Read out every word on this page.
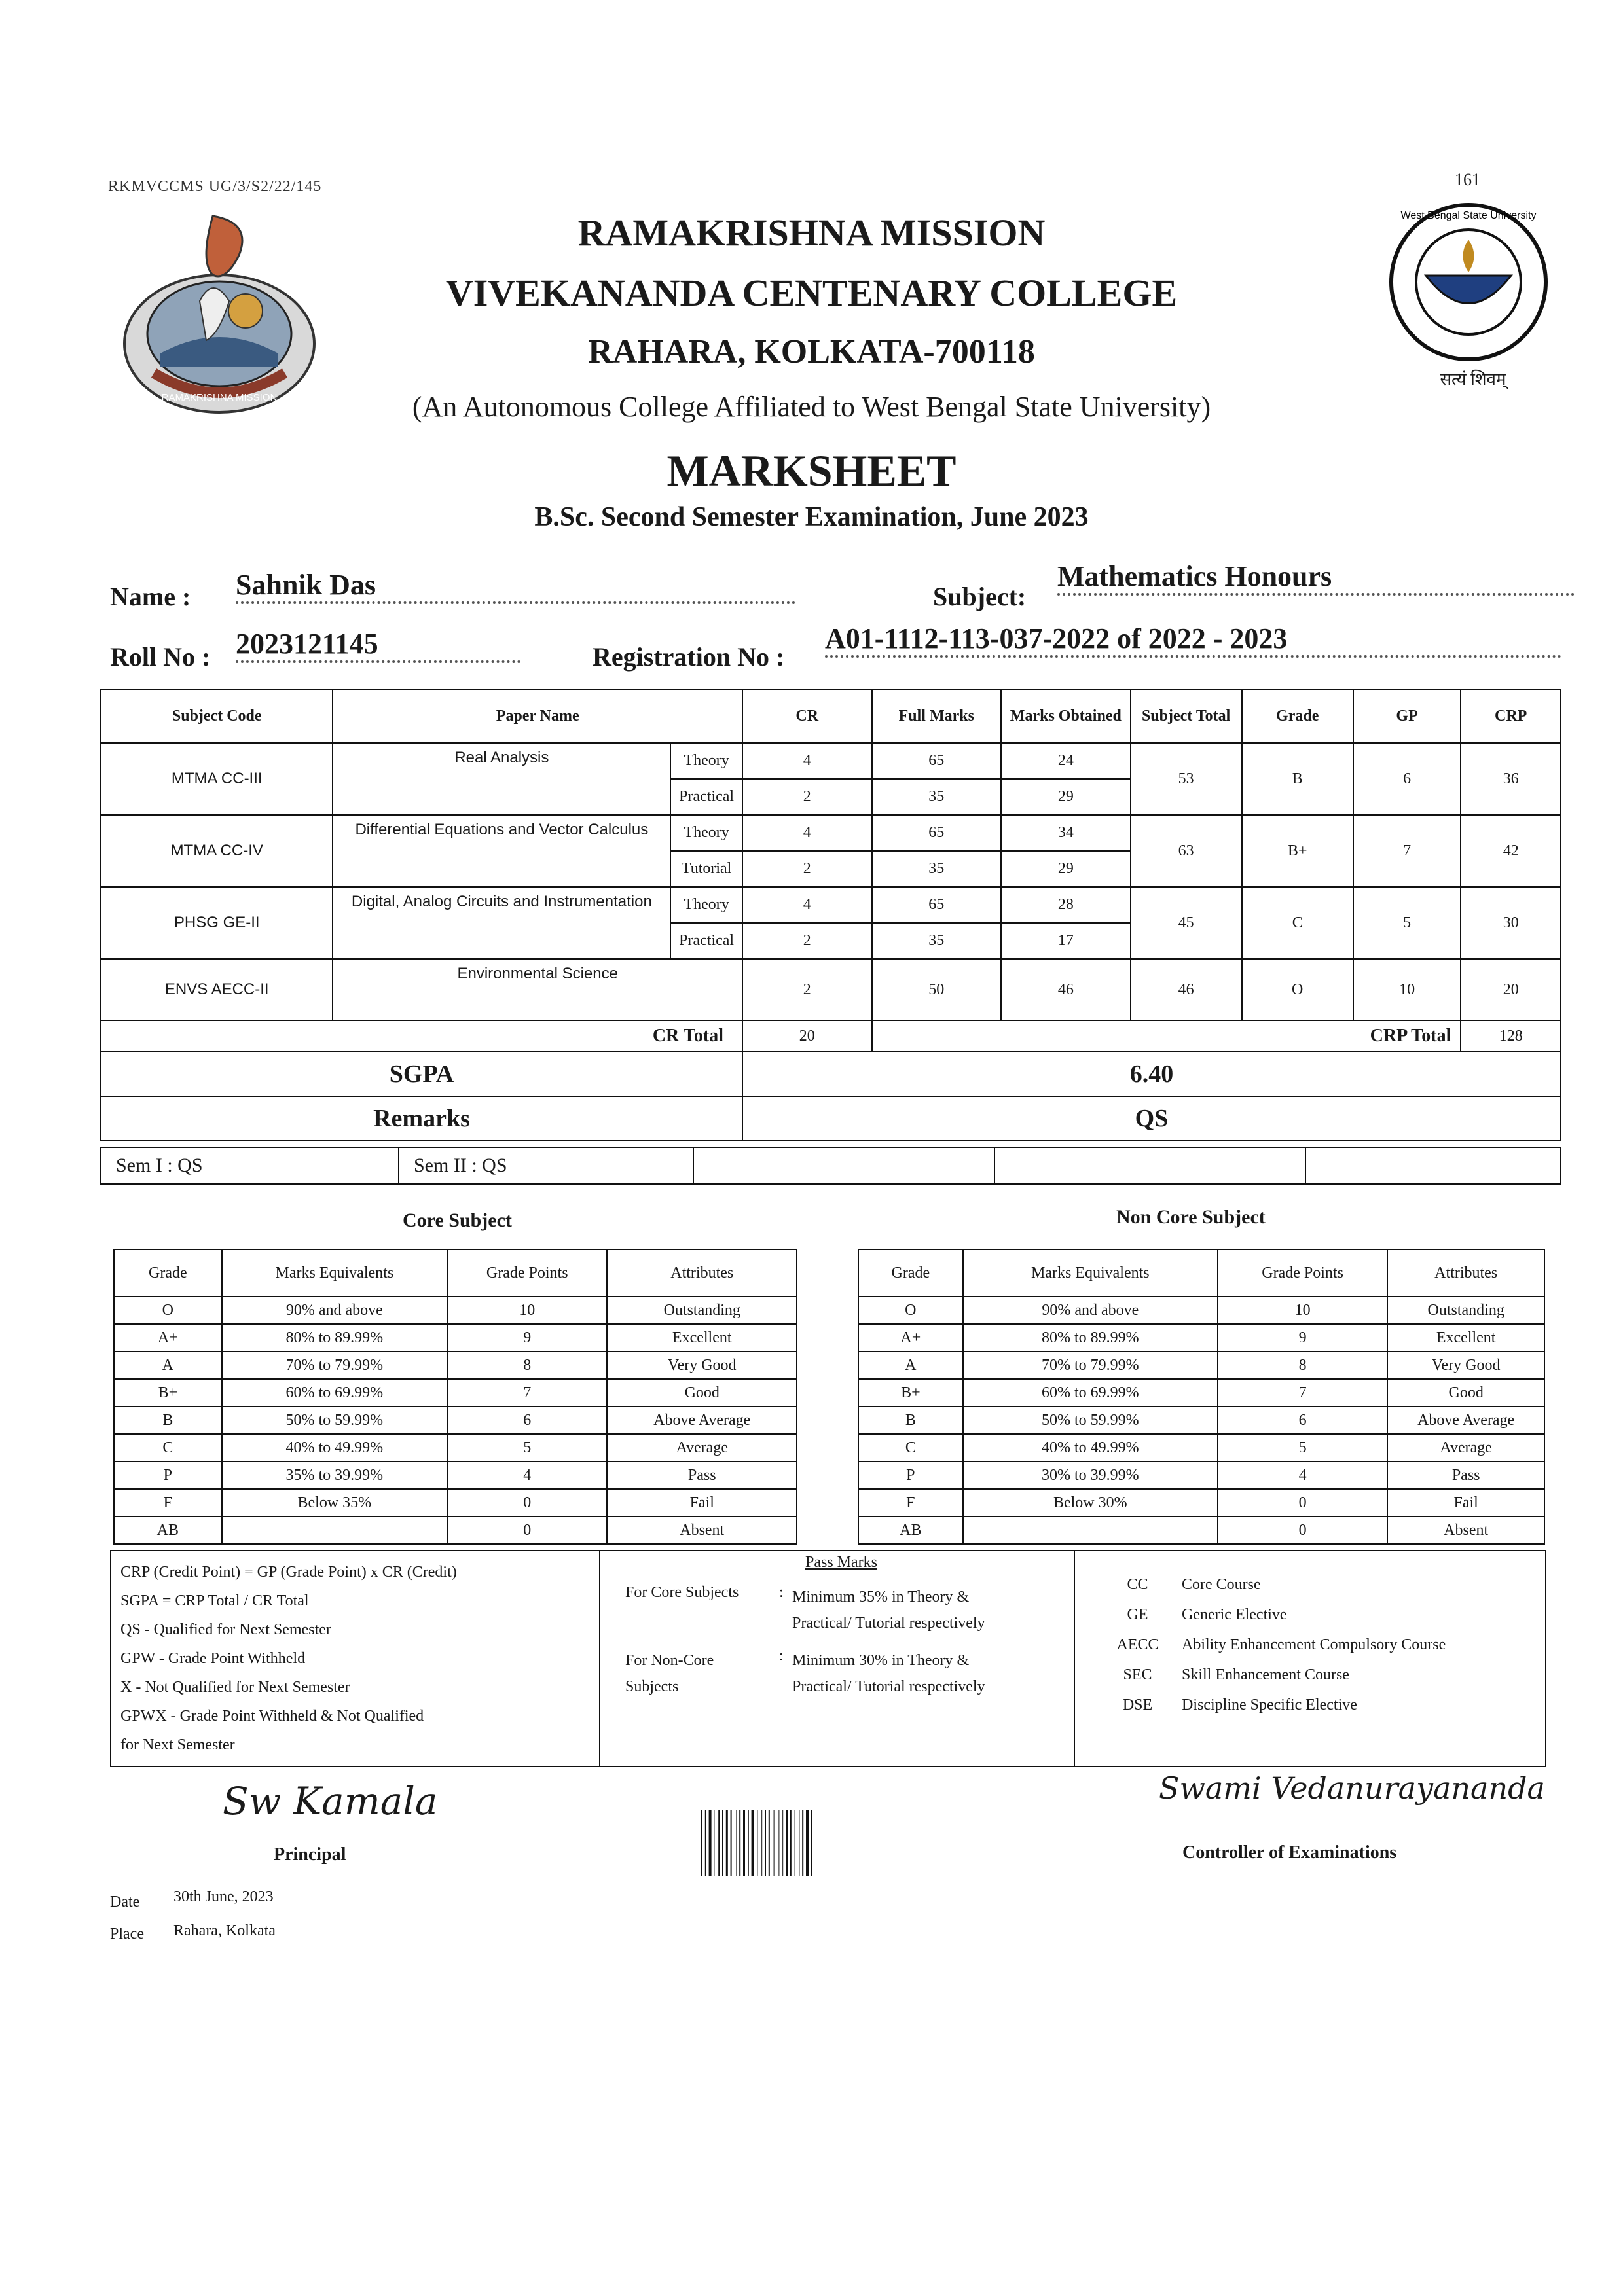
RKMVCCMS UG/3/S2/22/145	161
RAMAKRISHNA MISSION
West Bengal State University
सत्यं शिवम्
RAMAKRISHNA MISSION
VIVEKANANDA CENTENARY COLLEGE
RAHARA, KOLKATA-700118
(An Autonomous College Affiliated to West Bengal State University)
MARKSHEET
B.Sc. Second Semester Examination, June 2023
Name : Sahnik Das	Subject:
Mathematics Honours
Roll No : 2023121145	Registration No :
A01-1112-113-037-2022 of 2022 - 2023
Subject Code	Paper Name		CR	Full Marks	Marks Obtained	Subject Total	Grade	GP	CRP
MTMA CC-III	Real Analysis	Theory	4	65	24	53	B	6	36
		Practical	2	35	29				
MTMA CC-IV	Differential Equations and Vector Calculus	Theory	4	65	34	63	B+	7	42
		Tutorial	2	35	29				
PHSG GE-II	Digital, Analog Circuits and Instrumentation	Theory	4	65	28	45	C	5	30
		Practical	2	35	17				
ENVS AECC-II	Environmental Science		2	50	46	46	O	10	20
CR Total			20	CRP Total					128
SGPA			6.40						
Remarks			QS						
Sem I : QS	Sem II : QS			
Core Subject	Non Core Subject
Grade	Marks Equivalents	Grade Points	Attributes
O	90% and above	10	Outstanding
A+	80% to 89.99%	9	Excellent
A	70% to 79.99%	8	Very Good
B+	60% to 69.99%	7	Good
B	50% to 59.99%	6	Above Average
C	40% to 49.99%	5	Average
P	35% to 39.99%	4	Pass
F	Below 35%	0	Fail
AB		0	Absent
Grade	Marks Equivalents	Grade Points	Attributes
O	90% and above	10	Outstanding
A+	80% to 89.99%	9	Excellent
A	70% to 79.99%	8	Very Good
B+	60% to 69.99%	7	Good
B	50% to 59.99%	6	Above Average
C	40% to 49.99%	5	Average
P	30% to 39.99%	4	Pass
F	Below 30%	0	Fail
AB		0	Absent
CRP (Credit Point) = GP (Grade Point) x CR (Credit)
SGPA = CRP Total / CR Total
QS - Qualified for Next Semester
GPW - Grade Point Withheld
X - Not Qualified for Next Semester
GPWX - Grade Point Withheld & Not Qualified
for Next Semester
Pass Marks
For Core Subjects	: Minimum 35% in Theory &
Practical/ Tutorial respectively
For Non-Core
Subjects
: Minimum 30% in Theory &
Practical/ Tutorial respectively
CC Core Course
GE Generic Elective
AECC Ability Enhancement Compulsory Course
SEC Skill Enhancement Course
DSE Discipline Specific Elective
Sw Kamala
Principal
Swami Vedanurayananda
Controller of Examinations
Date 30th June, 2023
Place Rahara, Kolkata
